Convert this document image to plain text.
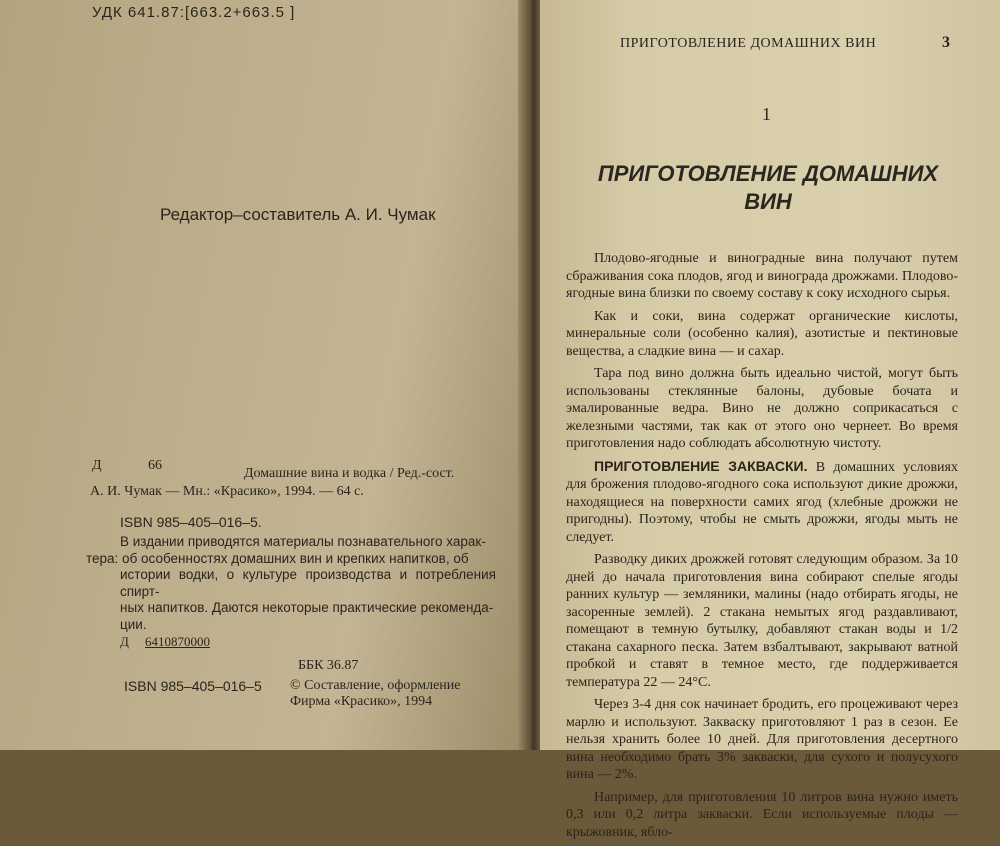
УДК 641.87:[663.2+663.5 ]
Редактор–составитель А. И. Чумак
Д	66
Домашние вина и водка / Ред.-сост.
А. И. Чумак — Мн.: «Красико», 1994. — 64 с.
ISBN 985–405–016–5.
В издании приводятся материалы познавательного харак-
тера: об особенностях домашних вин и крепких напитков, об
истории водки, о культуре производства и потребления спирт-
ных напитков. Даются некоторые практические рекоменда-
ции.
Д 6410870000
ББК 36.87
ISBN 985–405–016–5 © Составление, оформление
Фирма «Красико», 1994
ПРИГОТОВЛЕНИЕ ДОМАШНИХ ВИН	3
1
ПРИГОТОВЛЕНИЕ ДОМАШНИХ
ВИН

Плодово-ягодные и виноградные вина получают путем сбраживания сока плодов, ягод и винограда дрожжами. Плодово-ягодные вина близки по своему составу к соку исходного сырья.

Как и соки, вина содержат органические кислоты, минеральные соли (особенно калия), азотистые и пектиновые вещества, а сладкие вина — и сахар.

Тара под вино должна быть идеально чистой, могут быть использованы стеклянные балоны, дубовые бочата и эмалированные ведра. Вино не должно соприкасаться с железными частями, так как от этого оно чернеет. Во время приготовления надо соблюдать абсолютную чистоту.

ПРИГОТОВЛЕНИЕ ЗАКВАСКИ. В домашних условиях для брожения плодово-ягодного сока используют дикие дрожжи, находящиеся на поверхности самих ягод (хлебные дрожжи не пригодны). Поэтому, чтобы не смыть дрожжи, ягоды мыть не следует.

Разводку диких дрожжей готовят следующим образом. За 10 дней до начала приготовления вина собирают спелые ягоды ранних культур — земляники, малины (надо отбирать ягоды, не засоренные землей). 2 стакана немытых ягод раздавливают, помещают в темную бутылку, добавляют стакан воды и 1/2 стакана сахарного песка. Затем взбалтывают, закрывают ватной пробкой и ставят в темное место, где поддерживается температура 22 — 24°С.

Через 3-4 дня сок начинает бродить, его процеживают через марлю и используют. Закваску приготовляют 1 раз в сезон. Ее нельзя хранить более 10 дней. Для приготовления десертного вина необходимо брать 3% закваски, для сухого и полусухого вина — 2%.

Например, для приготовления 10 литров вина нужно иметь 0,3 или 0,2 литра закваски. Если используемые плоды — крыжовник, ябло-
